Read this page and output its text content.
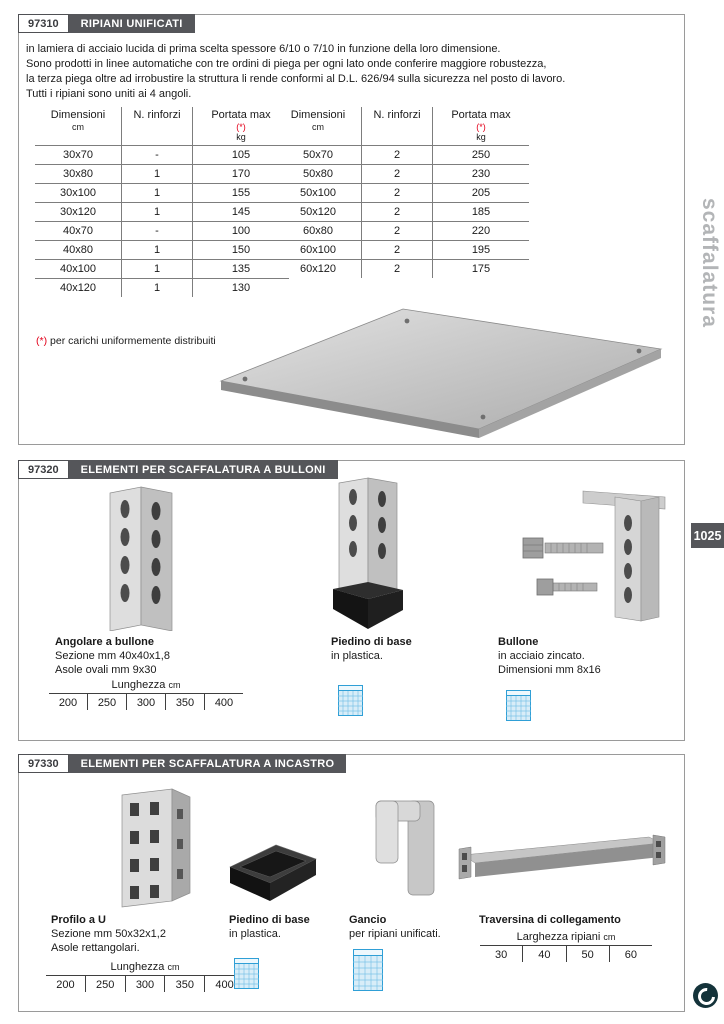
97310	RIPIANI UNIFICATI
in lamiera di acciaio lucida di prima scelta spessore 6/10 o 7/10 in funzione della loro dimensione.
Sono prodotti in linee automatiche con tre ordini di piega per ogni lato onde conferire maggiore robustezza,
la terza piega oltre ad irrobustire la struttura li rende conformi al D.L. 626/94 sulla sicurezza nel posto di lavoro.
Tutti i ripiani sono uniti ai 4 angoli.
Dimensioni
cm

N. rinforzi	Portata max
(*)
kg

30x70	-	105
30x80	1	170
30x100	1	155
30x120	1	145
40x70	-	100
40x80	1	150
40x100	1	135
40x120	1	130
Dimensioni
cm

N. rinforzi	Portata max
(*)
kg

50x70	2	250
50x80	2	230
50x100	2	205
50x120	2	185
60x80	2	220
60x100	2	195
60x120	2	175
(*) per carichi uniformemente distribuiti
97320	ELEMENTI PER SCAFFALATURA A BULLONI
Angolare a bullone
Sezione mm 40x40x1,8
Asole ovali mm 9x30
Lunghezza cm
200	250	300	350	400
Piedino di base
in plastica.
Bullone
in acciaio zincato.
Dimensioni mm 8x16
97330	ELEMENTI PER SCAFFALATURA A INCASTRO
Profilo a U
Sezione mm 50x32x1,2
Asole rettangolari.
Lunghezza cm
200	250	300	350	400
Piedino di base
in plastica.
Gancio
per ripiani unificati.
Traversina di collegamento
Larghezza ripiani cm
30	40	50	60
scaffalatura
1025
